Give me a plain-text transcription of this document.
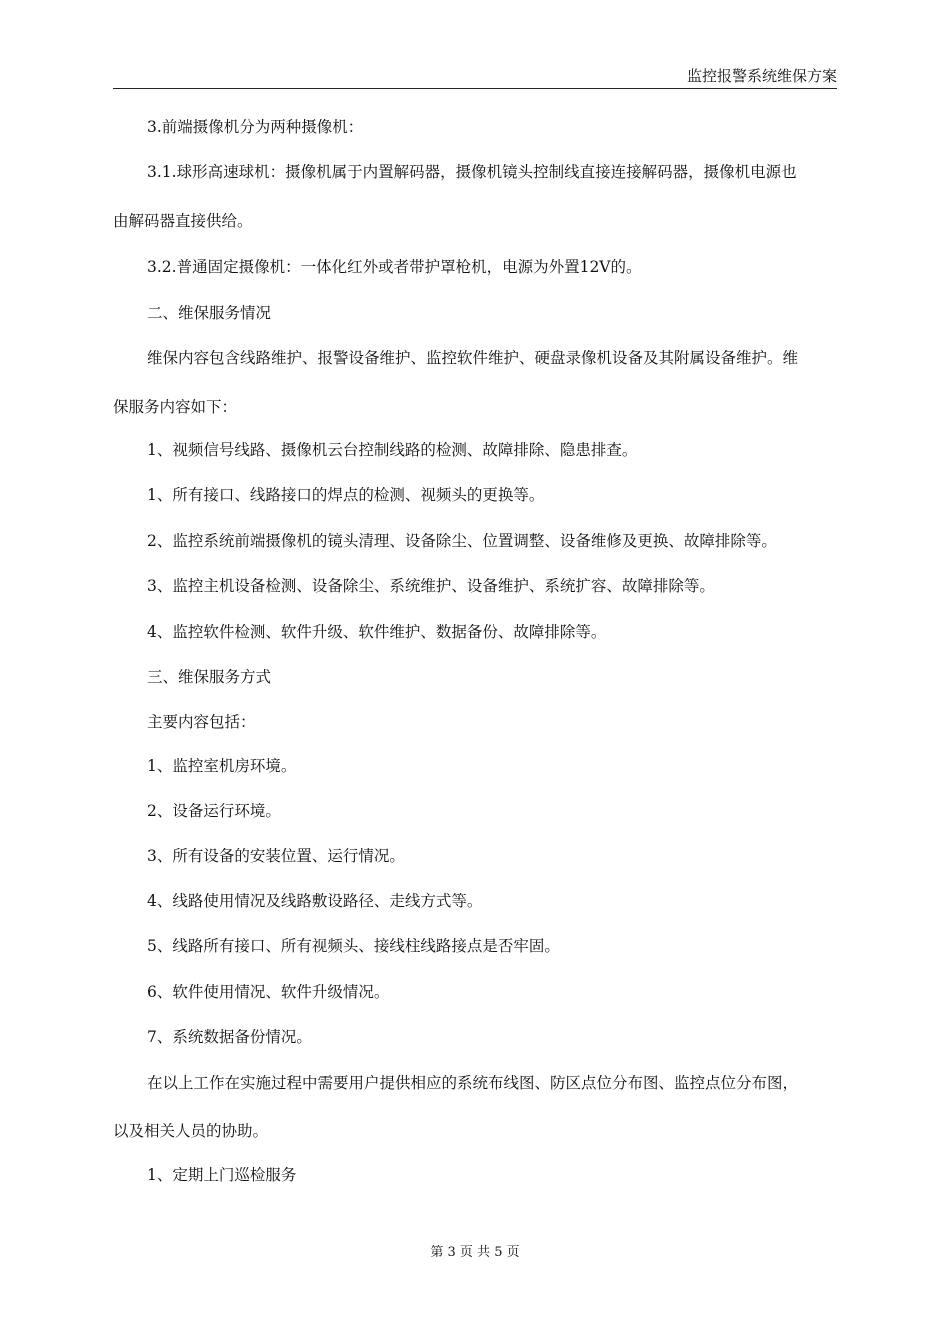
监控报警系统维保方案

3.前端摄像机分为两种摄像机：

3.1.球形高速球机：摄像机属于内置解码器，摄像机镜头控制线直接连接解码器，摄像机电源也

由解码器直接供给。

3.2.普通固定摄像机：一体化红外或者带护罩枪机，电源为外置12V的。

二、维保服务情况

维保内容包含线路维护、报警设备维护、监控软件维护、硬盘录像机设备及其附属设备维护。维

保服务内容如下：

1、视频信号线路、摄像机云台控制线路的检测、故障排除、隐患排查。

1、所有接口、线路接口的焊点的检测、视频头的更换等。

2、监控系统前端摄像机的镜头清理、设备除尘、位置调整、设备维修及更换、故障排除等。

3、监控主机设备检测、设备除尘、系统维护、设备维护、系统扩容、故障排除等。

4、监控软件检测、软件升级、软件维护、数据备份、故障排除等。

三、维保服务方式

主要内容包括：

1、监控室机房环境。

2、设备运行环境。

3、所有设备的安装位置、运行情况。

4、线路使用情况及线路敷设路径、走线方式等。

5、线路所有接口、所有视频头、接线柱线路接点是否牢固。

6、软件使用情况、软件升级情况。

7、系统数据备份情况。

在以上工作在实施过程中需要用户提供相应的系统布线图、防区点位分布图、监控点位分布图，

以及相关人员的协助。

1、定期上门巡检服务

第 3 页 共 5 页
